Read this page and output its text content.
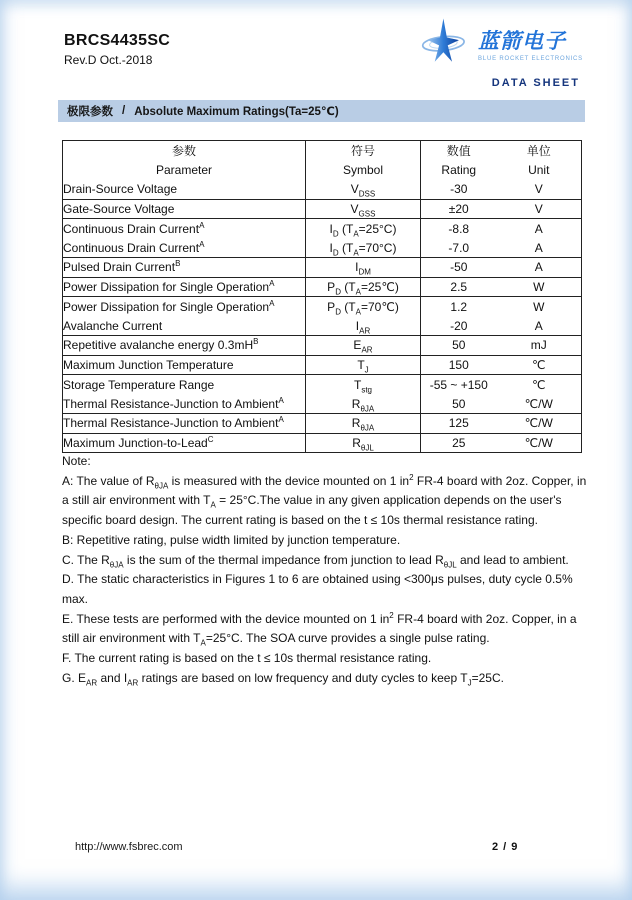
BRCS4435SC
Rev.D Oct.-2018
蓝箭电子
BLUE ROCKET ELECTRONICS
DATA SHEET
极限参数 / Absolute Maximum Ratings(Ta=25℃)
参数	符号	数值	单位
Parameter	Symbol	Rating	Unit
Drain-Source Voltage	$V_{DSS}$	-30	V
Gate-Source Voltage	$V_{GSS}$	±20	V
Continuous Drain Current$^A$	$I_D$ $(T_A=25^\circ C)$	-8.8	A
Continuous Drain Current$^A$	$I_D$ $(T_A=70^\circ C)$	-7.0	A
Pulsed Drain Current$^B$	$I_{DM}$	-50	A
Power Dissipation for Single Operation$^A$	$P_D$ $(T_A=25℃)$	2.5	W
Power Dissipation for Single Operation$^A$	$P_D$ $(T_A=70℃)$	1.2	W
Avalanche Current	$I_{AR}$	-20	A
Repetitive avalanche energy $0.3mH^B$	$E_{AR}$	50	mJ
Maximum Junction Temperature	$T_J$	150	℃
Storage Temperature Range	$T_{stg}$	-55 ~ +150	℃
Thermal Resistance-Junction to Ambient$^A$	$R_{\theta JA}$	50	℃/W
Thermal Resistance-Junction to Ambient$^A$	$R_{\theta JA}$	125	℃/W
Maximum Junction-to-Lead$^C$	$R_{\theta JL}$	25	℃/W

Note:

A: The value of $R_{\theta JA}$ is measured with the device mounted on 1 $in^2$ FR-4 board with 2oz. Copper, in a still air environment with $T_A = 25^\circ C.The$ value in any given application depends on the user's specific board design. The current rating is based on the t ≤ 10s thermal resistance rating.

B: Repetitive rating, pulse width limited by junction temperature.

C. The $R_{\theta JA}$ is the sum of the thermal impedance from junction to lead $R_{\theta JL}$ and lead to ambient.

D. The static characteristics in Figures 1 to 6 are obtained using <300μs pulses, duty cycle 0.5% max.

E. These tests are performed with the device mounted on 1 $in^2$ FR-4 board with 2oz. Copper, in a still air environment with $T_A=25^\circ C$. The SOA curve provides a single pulse rating.

F. The current rating is based on the t ≤ 10s thermal resistance rating.

G. $E_{AR}$ and $I_{AR}$ ratings are based on low frequency and duty cycles to keep $T_J=25C$.

http://www.fsbrec.com	2 / 9
